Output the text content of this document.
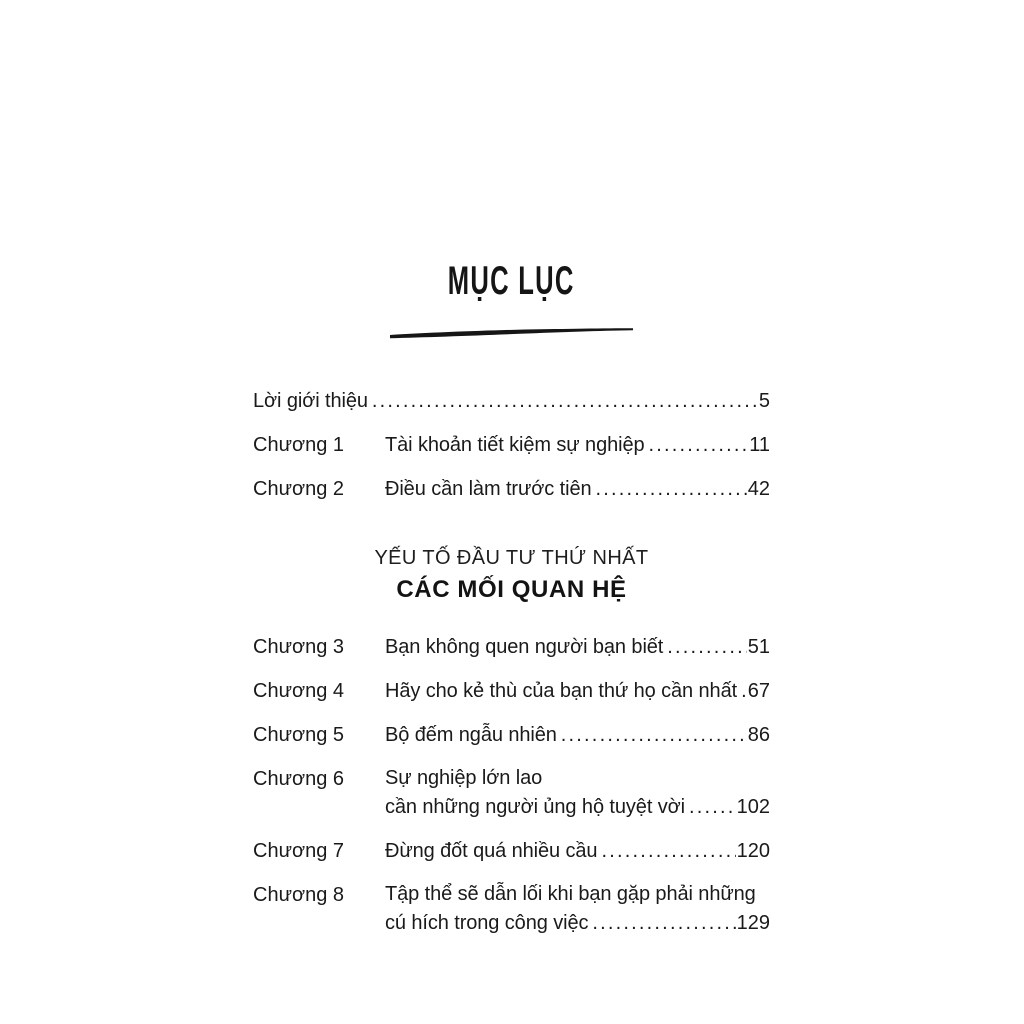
MỤC LỤC
Lời giới thiệu .....	5
Chương 1	Tài khoản tiết kiệm sự nghiệp .....	11
Chương 2	Điều cần làm trước tiên .....	42
YẾU TỐ ĐẦU TƯ THỨ NHẤT
CÁC MỐI QUAN HỆ
Chương 3	Bạn không quen người bạn biết .....	51
Chương 4	Hãy cho kẻ thù của bạn thứ họ cần nhất ..... 67
Chương 5	Bộ đếm ngẫu nhiên .....	86
Chương 6	Sự nghiệp lớn lao
cần những người ủng hộ tuyệt vời .....	102
Chương 7	Đừng đốt quá nhiều cầu .....	120
Chương 8	Tập thể sẽ dẫn lối khi bạn gặp phải những
cú hích trong công việc .....	129
